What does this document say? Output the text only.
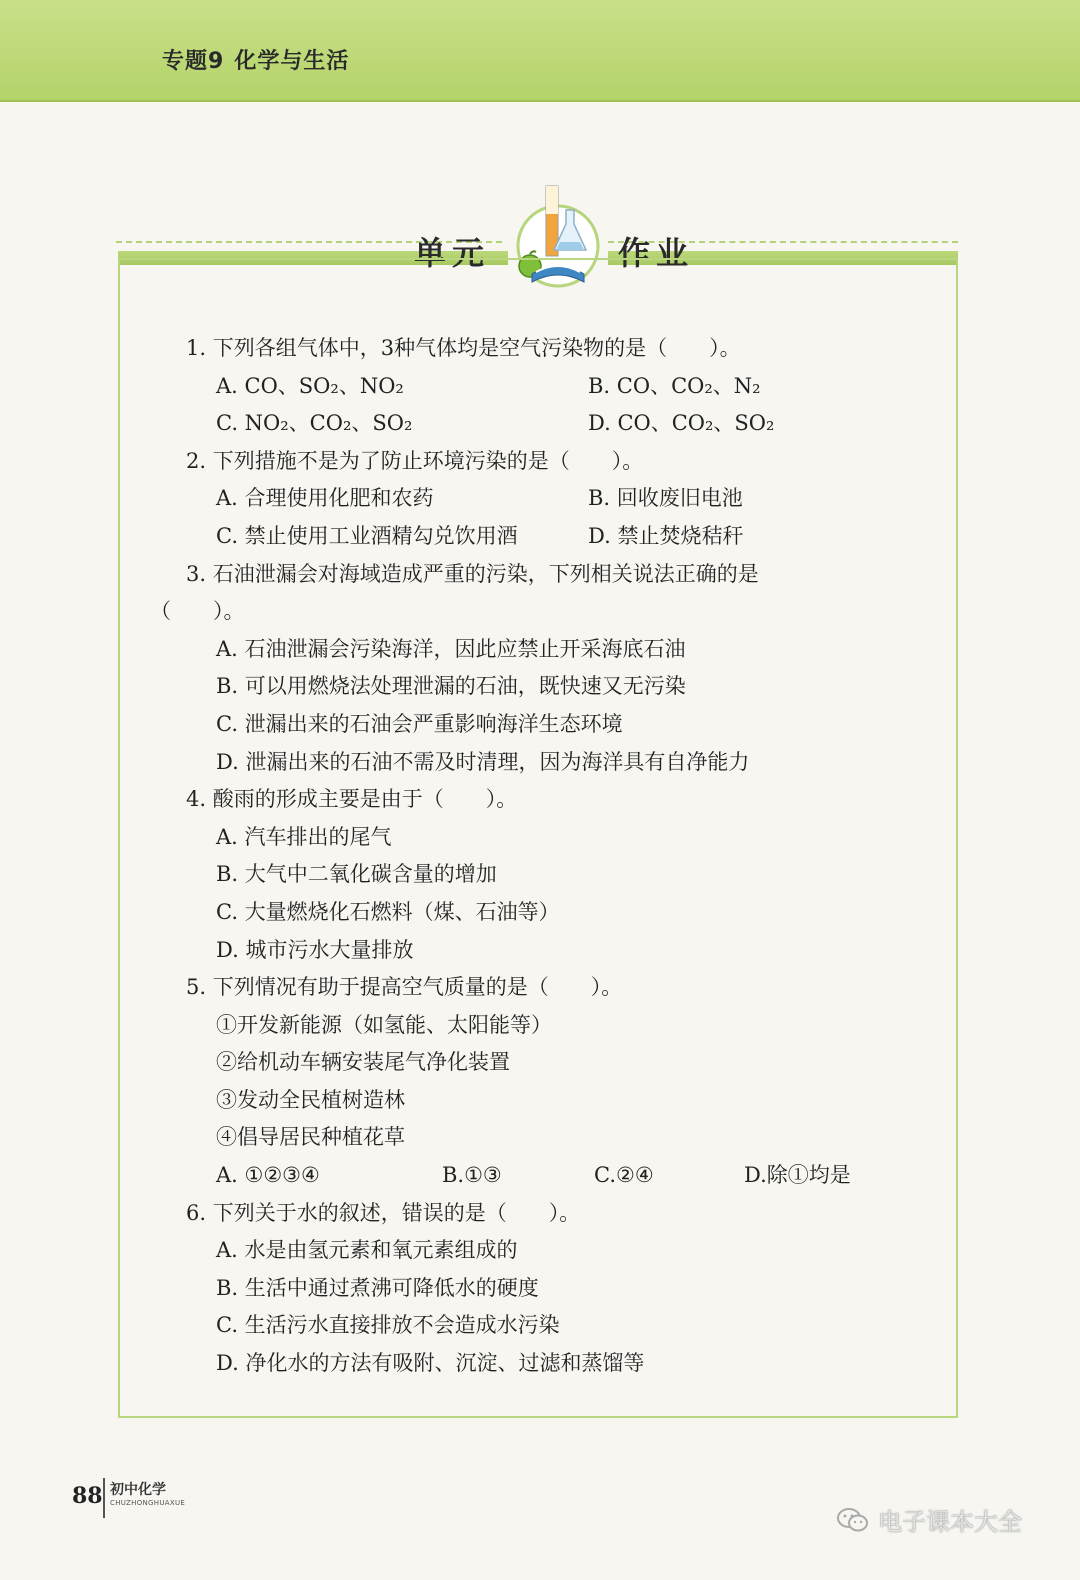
专题9 化学与生活
单元	作业
1. 下列各组气体中，3种气体均是空气污染物的是（　　）。
A. CO、SO₂、NO₂	B. CO、CO₂、N₂
C. NO₂、CO₂、SO₂	D. CO、CO₂、SO₂
2. 下列措施不是为了防止环境污染的是（　　）。
A. 合理使用化肥和农药	B. 回收废旧电池
C. 禁止使用工业酒精勾兑饮用酒	D. 禁止焚烧秸秆
3. 石油泄漏会对海域造成严重的污染，下列相关说法正确的是
（　　）。
A. 石油泄漏会污染海洋，因此应禁止开采海底石油
B. 可以用燃烧法处理泄漏的石油，既快速又无污染
C. 泄漏出来的石油会严重影响海洋生态环境
D. 泄漏出来的石油不需及时清理，因为海洋具有自净能力
4. 酸雨的形成主要是由于（　　）。
A. 汽车排出的尾气
B. 大气中二氧化碳含量的增加
C. 大量燃烧化石燃料（煤、石油等）
D. 城市污水大量排放
5. 下列情况有助于提高空气质量的是（　　）。
①开发新能源（如氢能、太阳能等）
②给机动车辆安装尾气净化装置
③发动全民植树造林
④倡导居民种植花草
A. ①②③④	B.①③	C.②④	D.除①均是
6. 下列关于水的叙述，错误的是（　　）。
A. 水是由氢元素和氧元素组成的
B. 生活中通过煮沸可降低水的硬度
C. 生活污水直接排放不会造成水污染
D. 净化水的方法有吸附、沉淀、过滤和蒸馏等
88 初中化学
CHUZHONGHUAXUE
电子课本大全
